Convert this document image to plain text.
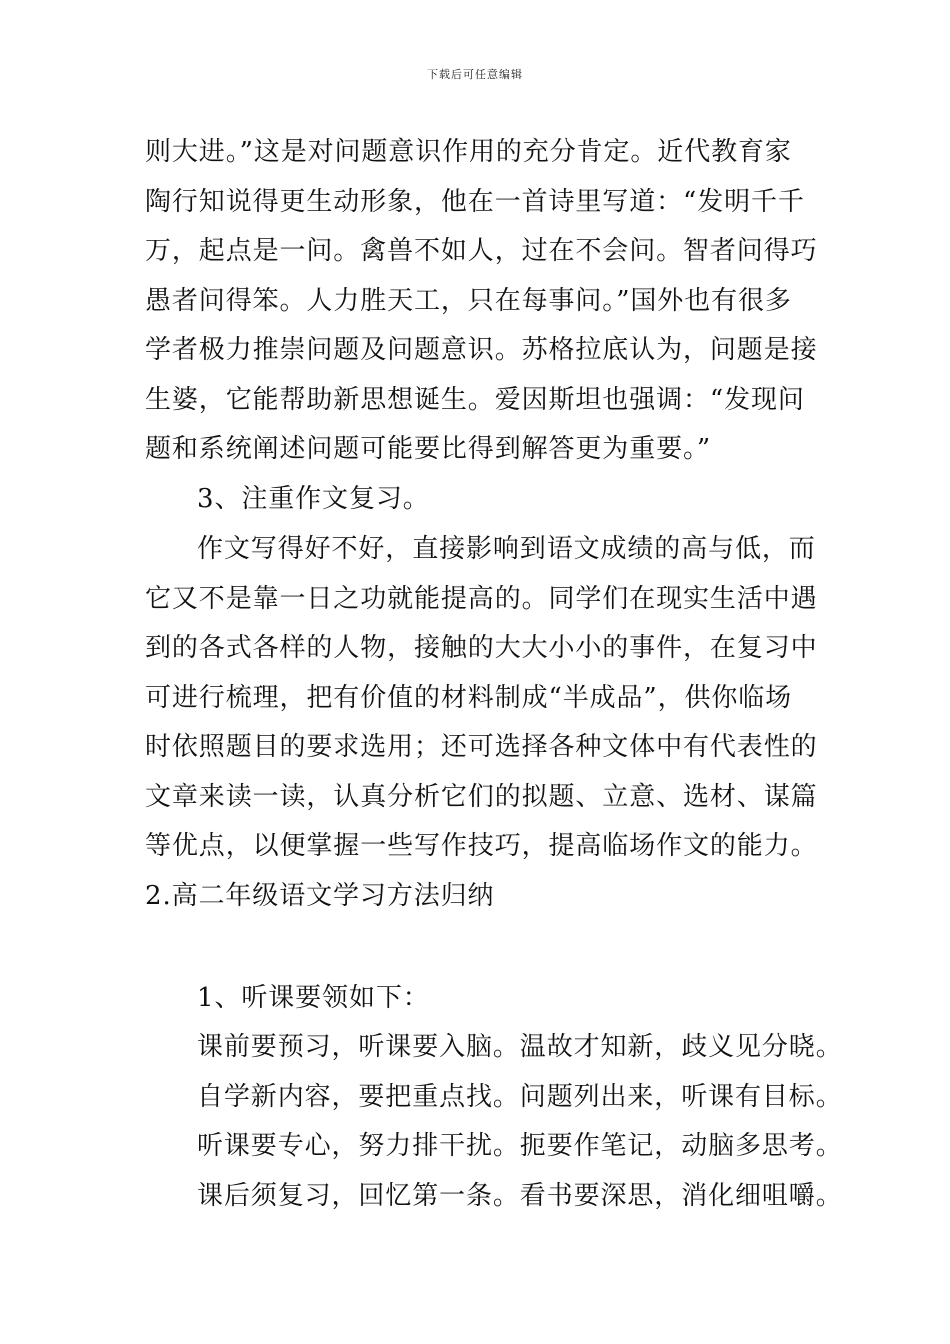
下载后可任意编辑
则大进。”这是对问题意识作用的充分肯定。近代教育家
陶行知说得更生动形象，他在一首诗里写道：“发明千千
万，起点是一问。禽兽不如人，过在不会问。智者问得巧
愚者问得笨。人力胜天工，只在每事问。”国外也有很多
学者极力推崇问题及问题意识。苏格拉底认为，问题是接
生婆，它能帮助新思想诞生。爱因斯坦也强调：“发现问
题和系统阐述问题可能要比得到解答更为重要。”
3、注重作文复习。
作文写得好不好，直接影响到语文成绩的高与低，而
它又不是靠一日之功就能提高的。同学们在现实生活中遇
到的各式各样的人物，接触的大大小小的事件，在复习中
可进行梳理，把有价值的材料制成“半成品”，供你临场
时依照题目的要求选用；还可选择各种文体中有代表性的
文章来读一读，认真分析它们的拟题、立意、选材、谋篇
等优点，以便掌握一些写作技巧，提高临场作文的能力。
2.高二年级语文学习方法归纳
1、听课要领如下：
课前要预习，听课要入脑。温故才知新，歧义见分晓。
自学新内容，要把重点找。问题列出来，听课有目标。
听课要专心，努力排干扰。扼要作笔记，动脑多思考。
课后须复习，回忆第一条。看书要深思，消化细咀嚼。
